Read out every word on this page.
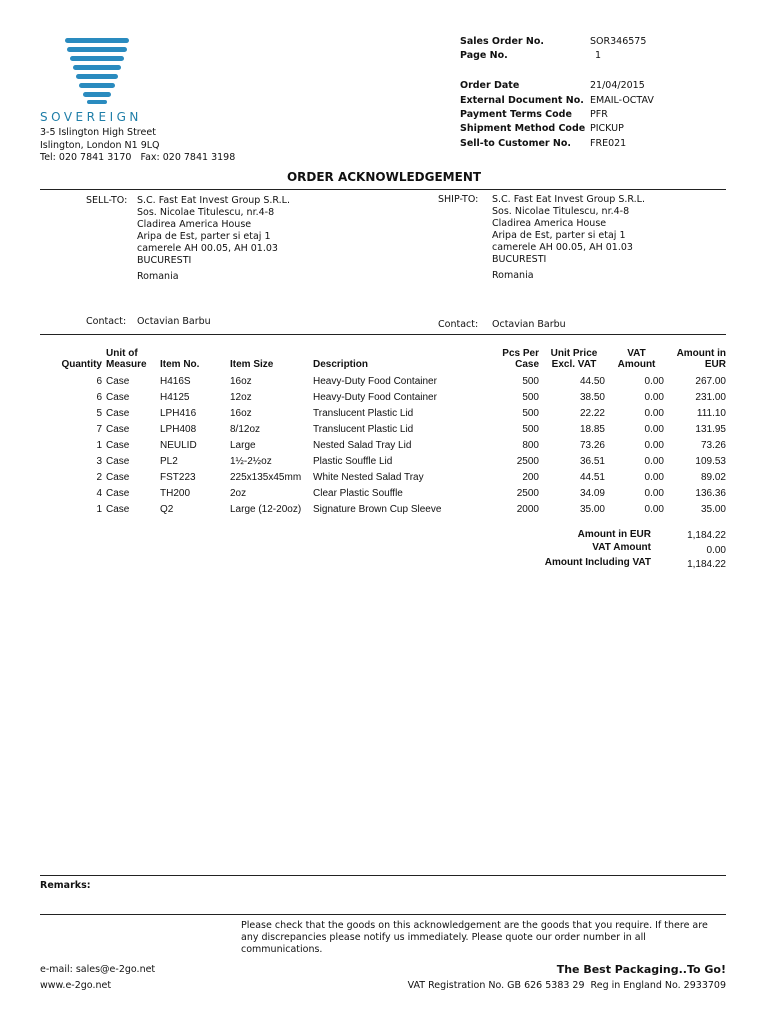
SOVEREIGN
3-5 Islington High Street
Islington, London N1 9LQ
Tel: 020 7841 3170   Fax: 020 7841 3198
Sales Order No.	SOR346575
Page No.	1
Order Date	21/04/2015
External Document No. EMAIL-OCTAV
Payment Terms Code PFR
Shipment Method Code PICKUP
Sell-to Customer No. FRE021
ORDER ACKNOWLEDGEMENT
SELL-TO: S.C. Fast Eat Invest Group S.R.L.
Sos. Nicolae Titulescu, nr.4-8
Cladirea America House
Aripa de Est, parter si etaj 1
camerele AH 00.05, AH 01.03
BUCURESTI
Romania
Contact: Octavian Barbu
SHIP-TO: S.C. Fast Eat Invest Group S.R.L.
Sos. Nicolae Titulescu, nr.4-8
Cladirea America House
Aripa de Est, parter si etaj 1
camerele AH 00.05, AH 01.03
BUCURESTI
Romania
Contact: Octavian Barbu
Quantity	Unit of Measure	Item No.	Item Size	Description	Pcs Per Case	Unit Price Excl. VAT	VAT Amount	Amount in EUR
6	Case	H416S	16oz	Heavy-Duty Food Container	500	44.50	0.00	267.00
6	Case	H4125	12oz	Heavy-Duty Food Container	500	38.50	0.00	231.00
5	Case	LPH416	16oz	Translucent Plastic Lid	500	22.22	0.00	111.10
7	Case	LPH408	8/12oz	Translucent Plastic Lid	500	18.85	0.00	131.95
1	Case	NEULID	Large	Nested Salad Tray Lid	800	73.26	0.00	73.26
3	Case	PL2	1½-2½oz	Plastic Souffle Lid	2500	36.51	0.00	109.53
2	Case	FST223	225x135x45mm	White Nested Salad Tray	200	44.51	0.00	89.02
4	Case	TH200	2oz	Clear Plastic Souffle	2500	34.09	0.00	136.36
1	Case	Q2	Large (12-20oz)	Signature Brown Cup Sleeve	2000	35.00	0.00	35.00
Amount in EUR	1,184.22
VAT Amount	0.00
Amount Including VAT	1,184.22
Remarks:
Please check that the goods on this acknowledgement are the goods that you require. If there are any discrepancies please notify us immediately. Please quote our order number in all communications.
e-mail: sales@e-2go.net
www.e-2go.net
The Best Packaging..To Go!
VAT Registration No. GB 626 5383 29  Reg in England No. 2933709
